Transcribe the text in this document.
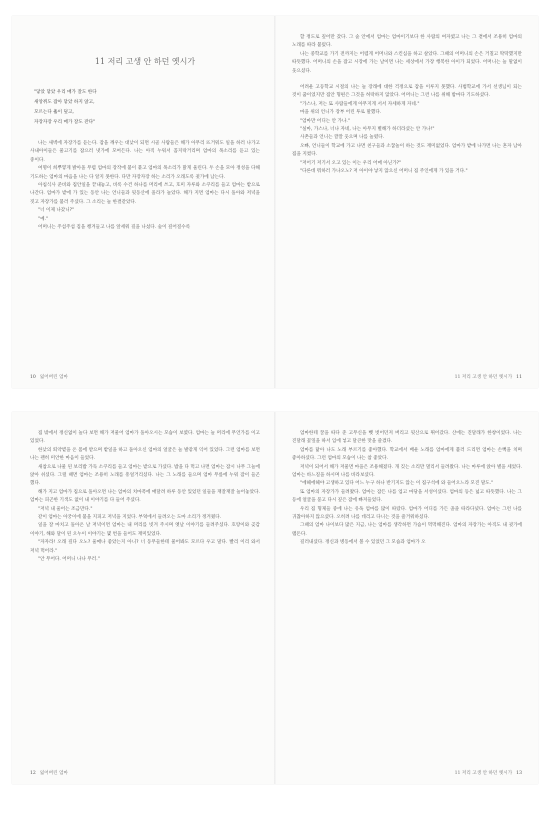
11 저리 고생 안 하던 옛시가

"닿았 닿았 우리 매가 잘도 한다

새앙쥐도 잡아 닿았 하지 앉고,

모르는다 훌이 덮고,

자장자장 우리 매가 잘도 잔다"

나는 새벽에 자장가를 듣는다. 잠을 깨우는 대낮이 되면 시골 사람들은 해가 아무리 뜨거워도 일을 하러 나가고 사내아이들은 물고기를 잡으러 냇가에 모여든다. 나는 아직 누워서 꼼지락거리며 엄마의 목소리를 듣고 있는 중이다.

여명이 희뿌옇게 밝아올 무렵 엄마의 장작에 불이 붙고 엄마의 목소리가 맑게 울린다. 두 손을 모아 정성을 다해 기도하는 엄마의 마음을 나는 다 알지 못한다. 다만 자장자장 하는 소리가 오래도록 귓가에 남는다.

아침식사 준비와 집안일을 끝내놓고, 비록 수건 하나를 머리에 쓰고, 호미 자루와 소쿠리를 들고 엄마는 밭으로 나간다. 엄마가 밭에 가 있는 동안 나는 언니들과 뒷동산에 올라가 놀았다. 해가 지면 엄마는 다시 돌아와 저녁을 짓고 자장가를 불러 주셨다. 그 소리는 늘 한결같았다.

"너 이제 나갔니?"

"예."

어머니는 주섬주섬 짐을 챙겨들고 나를 앞세워 길을 나섰다. 숲이 깊어질수록

10 잃어버린 엄마

할 정도로 깊어만 갔다. 그 숲 안에서 엄마는 엄마이기보다 한 사람의 여자였고 나는 그 곁에서 조용히 엄마의 노래를 따라 불렀다.

나는 중학교를 가기 전까지는 어렵게 어머니와 스킨십을 하고 살았다. 그때의 어머니의 손은 거칠고 딱딱했지만 따뜻했다. 어머니의 손을 잡고 시장에 가는 날이면 나는 세상에서 가장 행복한 아이가 되었다. 어머니는 늘 말없이 웃으셨다.

어려운 고등학교 시절의 나는 늘 장래에 대한 걱정으로 잠을 이루지 못했다. 사범학교에 가서 선생님이 되는 것이 꿈이었지만 집안 형편은 그것을 허락하지 않았다. 어머니는 그런 나를 위해 밤마다 기도하셨다.

"가스나, 저는 또 사람들에게 아무지게 서서 자세하게 자네."

마을 위의 언니가 장부 어린 투로 말했다.

"엄마만 어디는 안 가나."

"실마, 가스나, 너나 자네, 나는 아무지 별해가 하더라셨는 안 가나!"

사촌들과 언니는 깔깔 웃으며 나를 놀렸다.

오빠, 언니들이 학교에 가고 나면 친구들과 소꿉놀이 하는 것도 재미없었다. 엄마가 밭에 나가면 나는 혼자 남아 집을 지켰다.

"저어기 저기서 오고 있는 이는 우리 어매 아닌가?"

"다른데 뭐하러 가나오노? 저 아이야 낳지 않으신 어머니 집 주인에게 가 있을 거다."

11 저리 고생 안 하던 옛시가 11

집 밖에서 정신없이 놀다 보면 해가 저물어 엄마가 돌아오시는 모습이 보였다. 엄마는 늘 머리에 무언가를 이고 있었다.

한낮의 뙤약볕을 온 몸에 받으며 밭일을 하고 돌아오신 엄마의 얼굴은 늘 발갛게 익어 있었다. 그런 엄마를 보면 나는 괜히 미안한 마음이 들었다.

새참으로 나물 된 보리밥 가득 소쿠리를 들고 엄마는 밭으로 가셨다. 밥을 다 먹고 나면 엄마는 잠시 나무 그늘에 앉아 쉬셨다. 그럴 때면 엄마는 조용히 노래를 흥얼거리셨다. 나는 그 노래를 들으며 엄마 무릎에 누워 잠이 들곤 했다.

해가 지고 엄마가 집으로 돌아오면 나는 엄마의 치마폭에 매달려 하루 동안 있었던 일들을 재잘재잘 늘어놓았다. 엄마는 피곤한 기색도 없이 내 이야기를 다 들어 주셨다.

"저녁 내 울어는 조금만다."

같이 엄마는 아궁이에 불을 지피고 저녁을 지었다. 부엌에서 들려오는 도마 소리가 정겨웠다.

일을 잘 마치고 돌아온 날 저녁이면 엄마는 내 머리를 빗겨 주시며 옛날 이야기를 들려주셨다. 호랑이와 곶감 이야기, 해와 달이 된 오누이 이야기는 몇 번을 들어도 재미있었다.

"자자라! 오래 깊다 오노? 울매나 좋았는지 아니? 너 동무들한테 물어봐도 모르다 우고 말다. 빨리 이리 와서 저녁 먹어라."

"안 무어다. 어머니 나나 무러."

12 잃어버린 엄마

엄마한테 꿀을 따다 준 고무신을 뺏 벗어던져 버리고 뒷산으로 뛰어갔다. 산에는 진달래가 한창이었다. 나는 진달래 꽃잎을 따서 입에 넣고 달큰한 맛을 즐겼다.

엄마를 닮아 나도 노래 부르기를 좋아했다. 학교에서 배운 노래를 엄마에게 불러 드리면 엄마는 손뼉을 치며 좋아하셨다. 그런 엄마의 모습이 나는 참 좋았다.

저녁이 되어서 해가 저물면 마을은 조용해졌다. 개 짖는 소리만 멀리서 들려왔다. 나는 마루에 앉아 별을 세었다. 엄마는 바느질을 하시며 나를 바라보셨다.

"에헤에헤야 고생하고 있다 어느 누구 하나 반기지도 않는 이 집구석에 와 들어오느라 모진 말도."

또 엄마의 자장가가 들려왔다. 엄마는 잠든 나를 업고 마당을 서성이셨다. 엄마의 등은 넓고 따뜻했다. 나는 그 등에 얼굴을 묻고 다시 깊은 잠에 빠져들었다.

우리 집 형제들 중에 나는 유독 엄마를 많이 따랐다. 엄마가 어디를 가든 졸졸 따라다녔다. 엄마는 그런 나를 귀찮아하지 않으셨다. 오히려 나를 데리고 다니는 것을 즐거워하셨다.

그때의 엄마 나이보다 많은 지금, 나는 엄마를 생각하면 가슴이 먹먹해진다. 엄마의 자장가는 아직도 내 귓가에 맴돈다.

길러내셨다. 정신과 병동에서 볼 수 있었던 그 모습과 엄마가 오

11 저리 고생 안 하던 옛시가 13
